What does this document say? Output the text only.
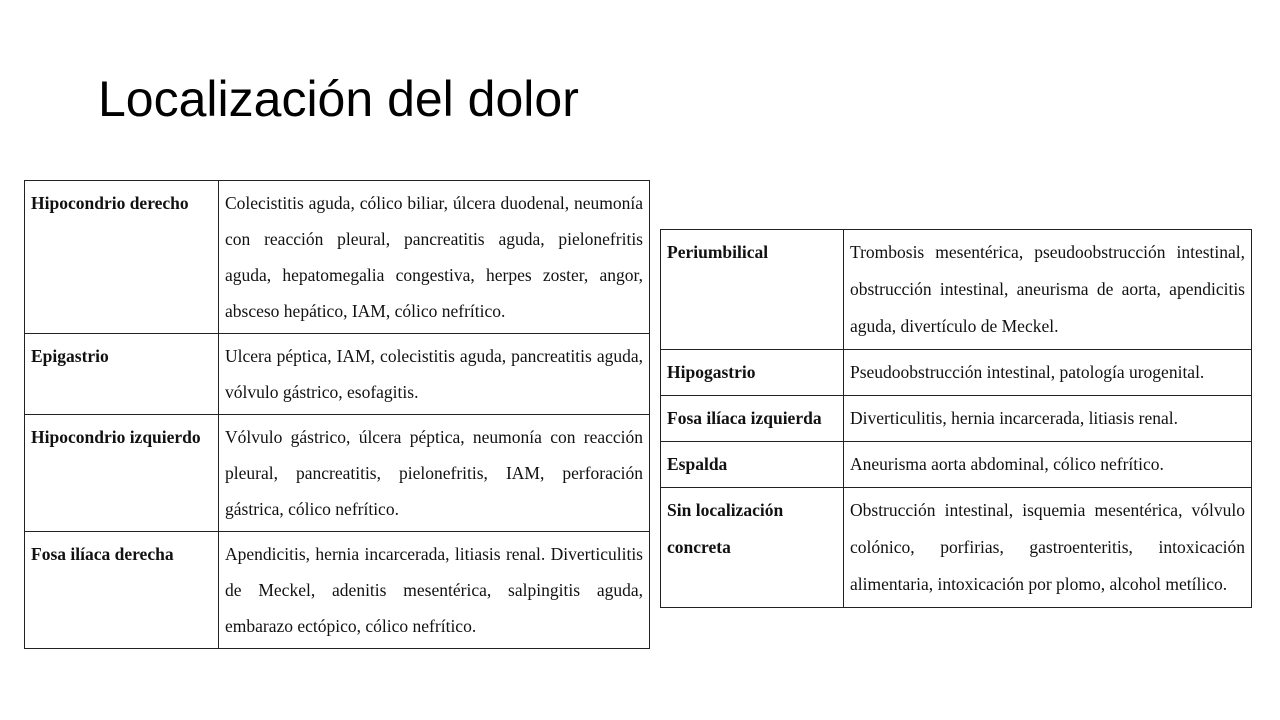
Localización del dolor
Hipocondrio derecho	Colecistitis aguda, cólico biliar, úlcera duodenal, neumonía con reacción pleural, pancreatitis aguda, pielonefritis aguda, hepatomegalia congestiva, herpes zoster, angor, absceso hepático, IAM, cólico nefrítico.
Epigastrio	Ulcera péptica, IAM, colecistitis aguda, pancreatitis aguda, vólvulo gástrico, esofagitis.
Hipocondrio izquierdo	Vólvulo gástrico, úlcera péptica, neumonía con reacción pleural, pancreatitis, pielonefritis, IAM, perforación gástrica, cólico nefrítico.
Fosa ilíaca derecha	Apendicitis, hernia incarcerada, litiasis renal. Diverticulitis de Meckel, adenitis mesentérica, salpingitis aguda, embarazo ectópico, cólico nefrítico.
Periumbilical	Trombosis mesentérica, pseudoobstrucción intestinal, obstrucción intestinal, aneurisma de aorta, apendicitis aguda, divertículo de Meckel.
Hipogastrio	Pseudoobstrucción intestinal, patología urogenital.
Fosa ilíaca izquierda	Diverticulitis, hernia incarcerada, litiasis renal.
Espalda	Aneurisma aorta abdominal, cólico nefrítico.
Sin localización concreta	Obstrucción intestinal, isquemia mesentérica, vólvulo colónico, porfirias, gastroenteritis, intoxicación alimentaria, intoxicación por plomo, alcohol metílico.
